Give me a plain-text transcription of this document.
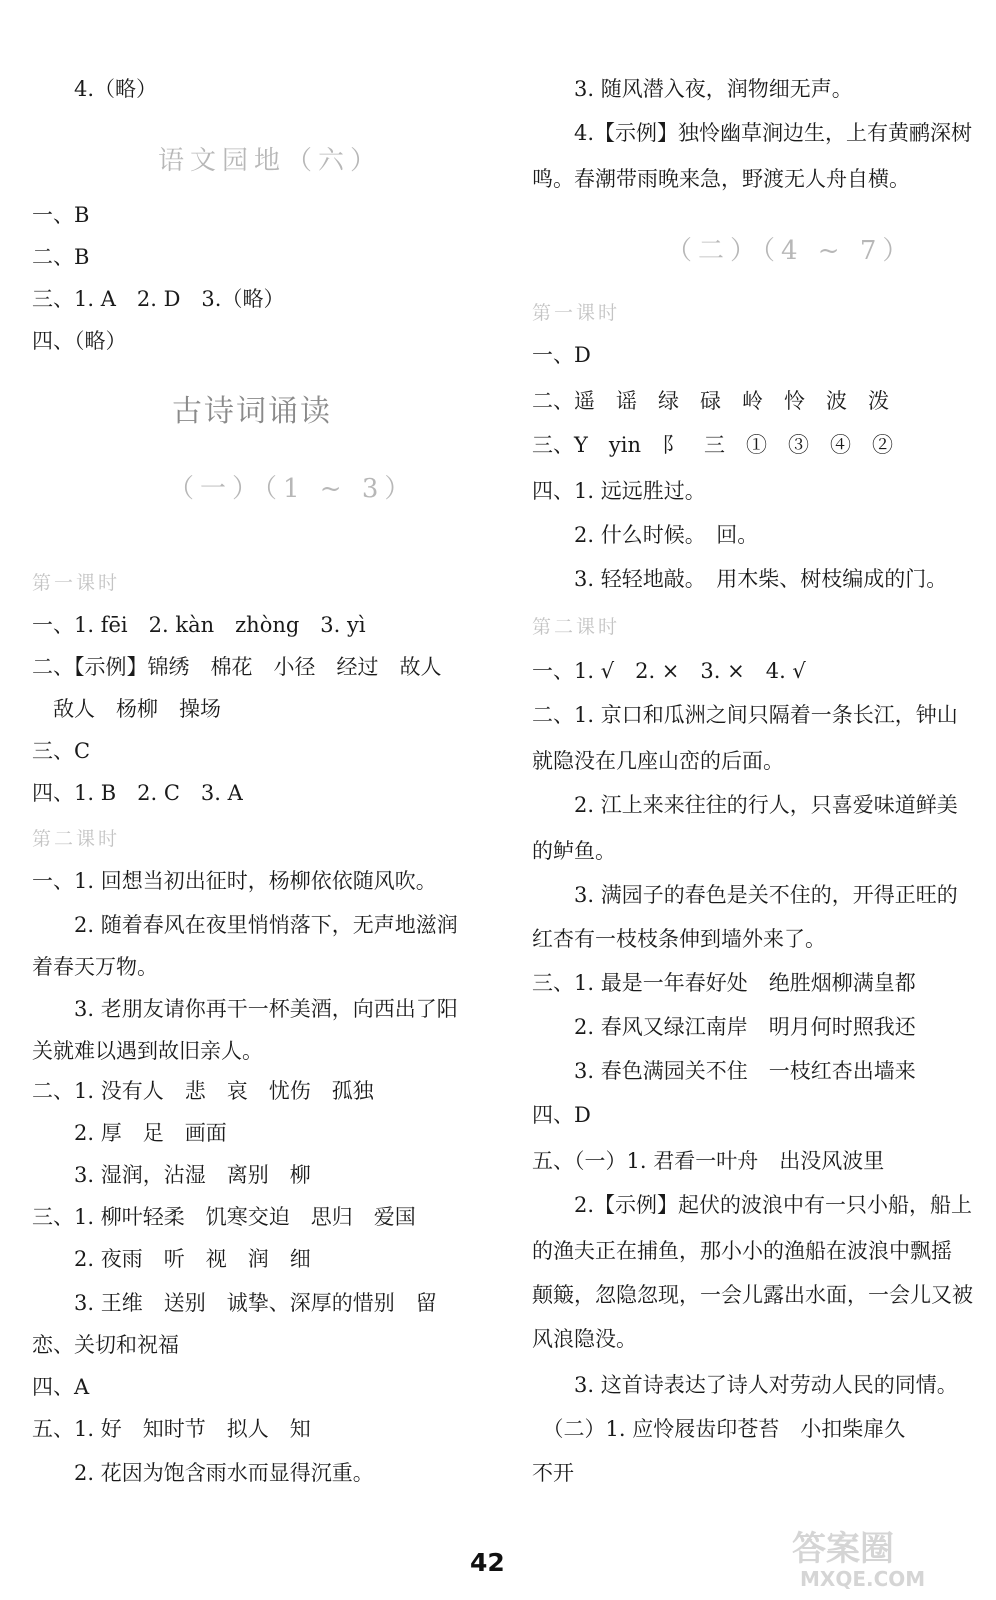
4.（略）
语文园地（六）
一、B
二、B
三、1. A　2. D　3.（略）
四、（略）
古诗词诵读
（一）（1 ~ 3）
第一课时
一、1. fēi　2. kàn　zhòng　3. yì
二、【示例】锦绣　棉花　小径　经过　故人
　敌人　杨柳　操场
三、C
四、1. B　2. C　3. A
第二课时
一、1. 回想当初出征时，杨柳依依随风吹。
　　2. 随着春风在夜里悄悄落下，无声地滋润
着春天万物。
　　3. 老朋友请你再干一杯美酒，向西出了阳
关就难以遇到故旧亲人。
二、1. 没有人　悲　哀　忧伤　孤独
　　2. 厚　足　画面
　　3. 湿润，沾湿　离别　柳
三、1. 柳叶轻柔　饥寒交迫　思归　爱国
　　2. 夜雨　听　视　润　细
　　3. 王维　送别　诚挚、深厚的惜别　留
恋、关切和祝福
四、A
五、1. 好　知时节　拟人　知
　　2. 花因为饱含雨水而显得沉重。
　　3. 随风潜入夜，润物细无声。
　　4.【示例】独怜幽草涧边生，上有黄鹂深树
鸣。春潮带雨晚来急，野渡无人舟自横。
（二）（4 ~ 7）
第一课时
一、D
二、遥　谣　绿　碌　岭　怜　波　泼
三、Y　yin　阝　三　①　③　④　②
四、1. 远远胜过。
　　2. 什么时候。　回。
　　3. 轻轻地敲。　用木柴、树枝编成的门。
第二课时
一、1. √　2. ×　3. ×　4. √
二、1. 京口和瓜洲之间只隔着一条长江，钟山
就隐没在几座山峦的后面。
　　2. 江上来来往往的行人，只喜爱味道鲜美
的鲈鱼。
　　3. 满园子的春色是关不住的，开得正旺的
红杏有一枝枝条伸到墙外来了。
三、1. 最是一年春好处　绝胜烟柳满皇都
　　2. 春风又绿江南岸　明月何时照我还
　　3. 春色满园关不住　一枝红杏出墙来
四、D
五、（一）1. 君看一叶舟　出没风波里
　　2.【示例】起伏的波浪中有一只小船，船上
的渔夫正在捕鱼，那小小的渔船在波浪中飘摇
颠簸，忽隐忽现，一会儿露出水面，一会儿又被
风浪隐没。
　　3. 这首诗表达了诗人对劳动人民的同情。
　（二）1. 应怜屐齿印苍苔　小扣柴扉久
不开
42	答案圈
MXQE.COM
